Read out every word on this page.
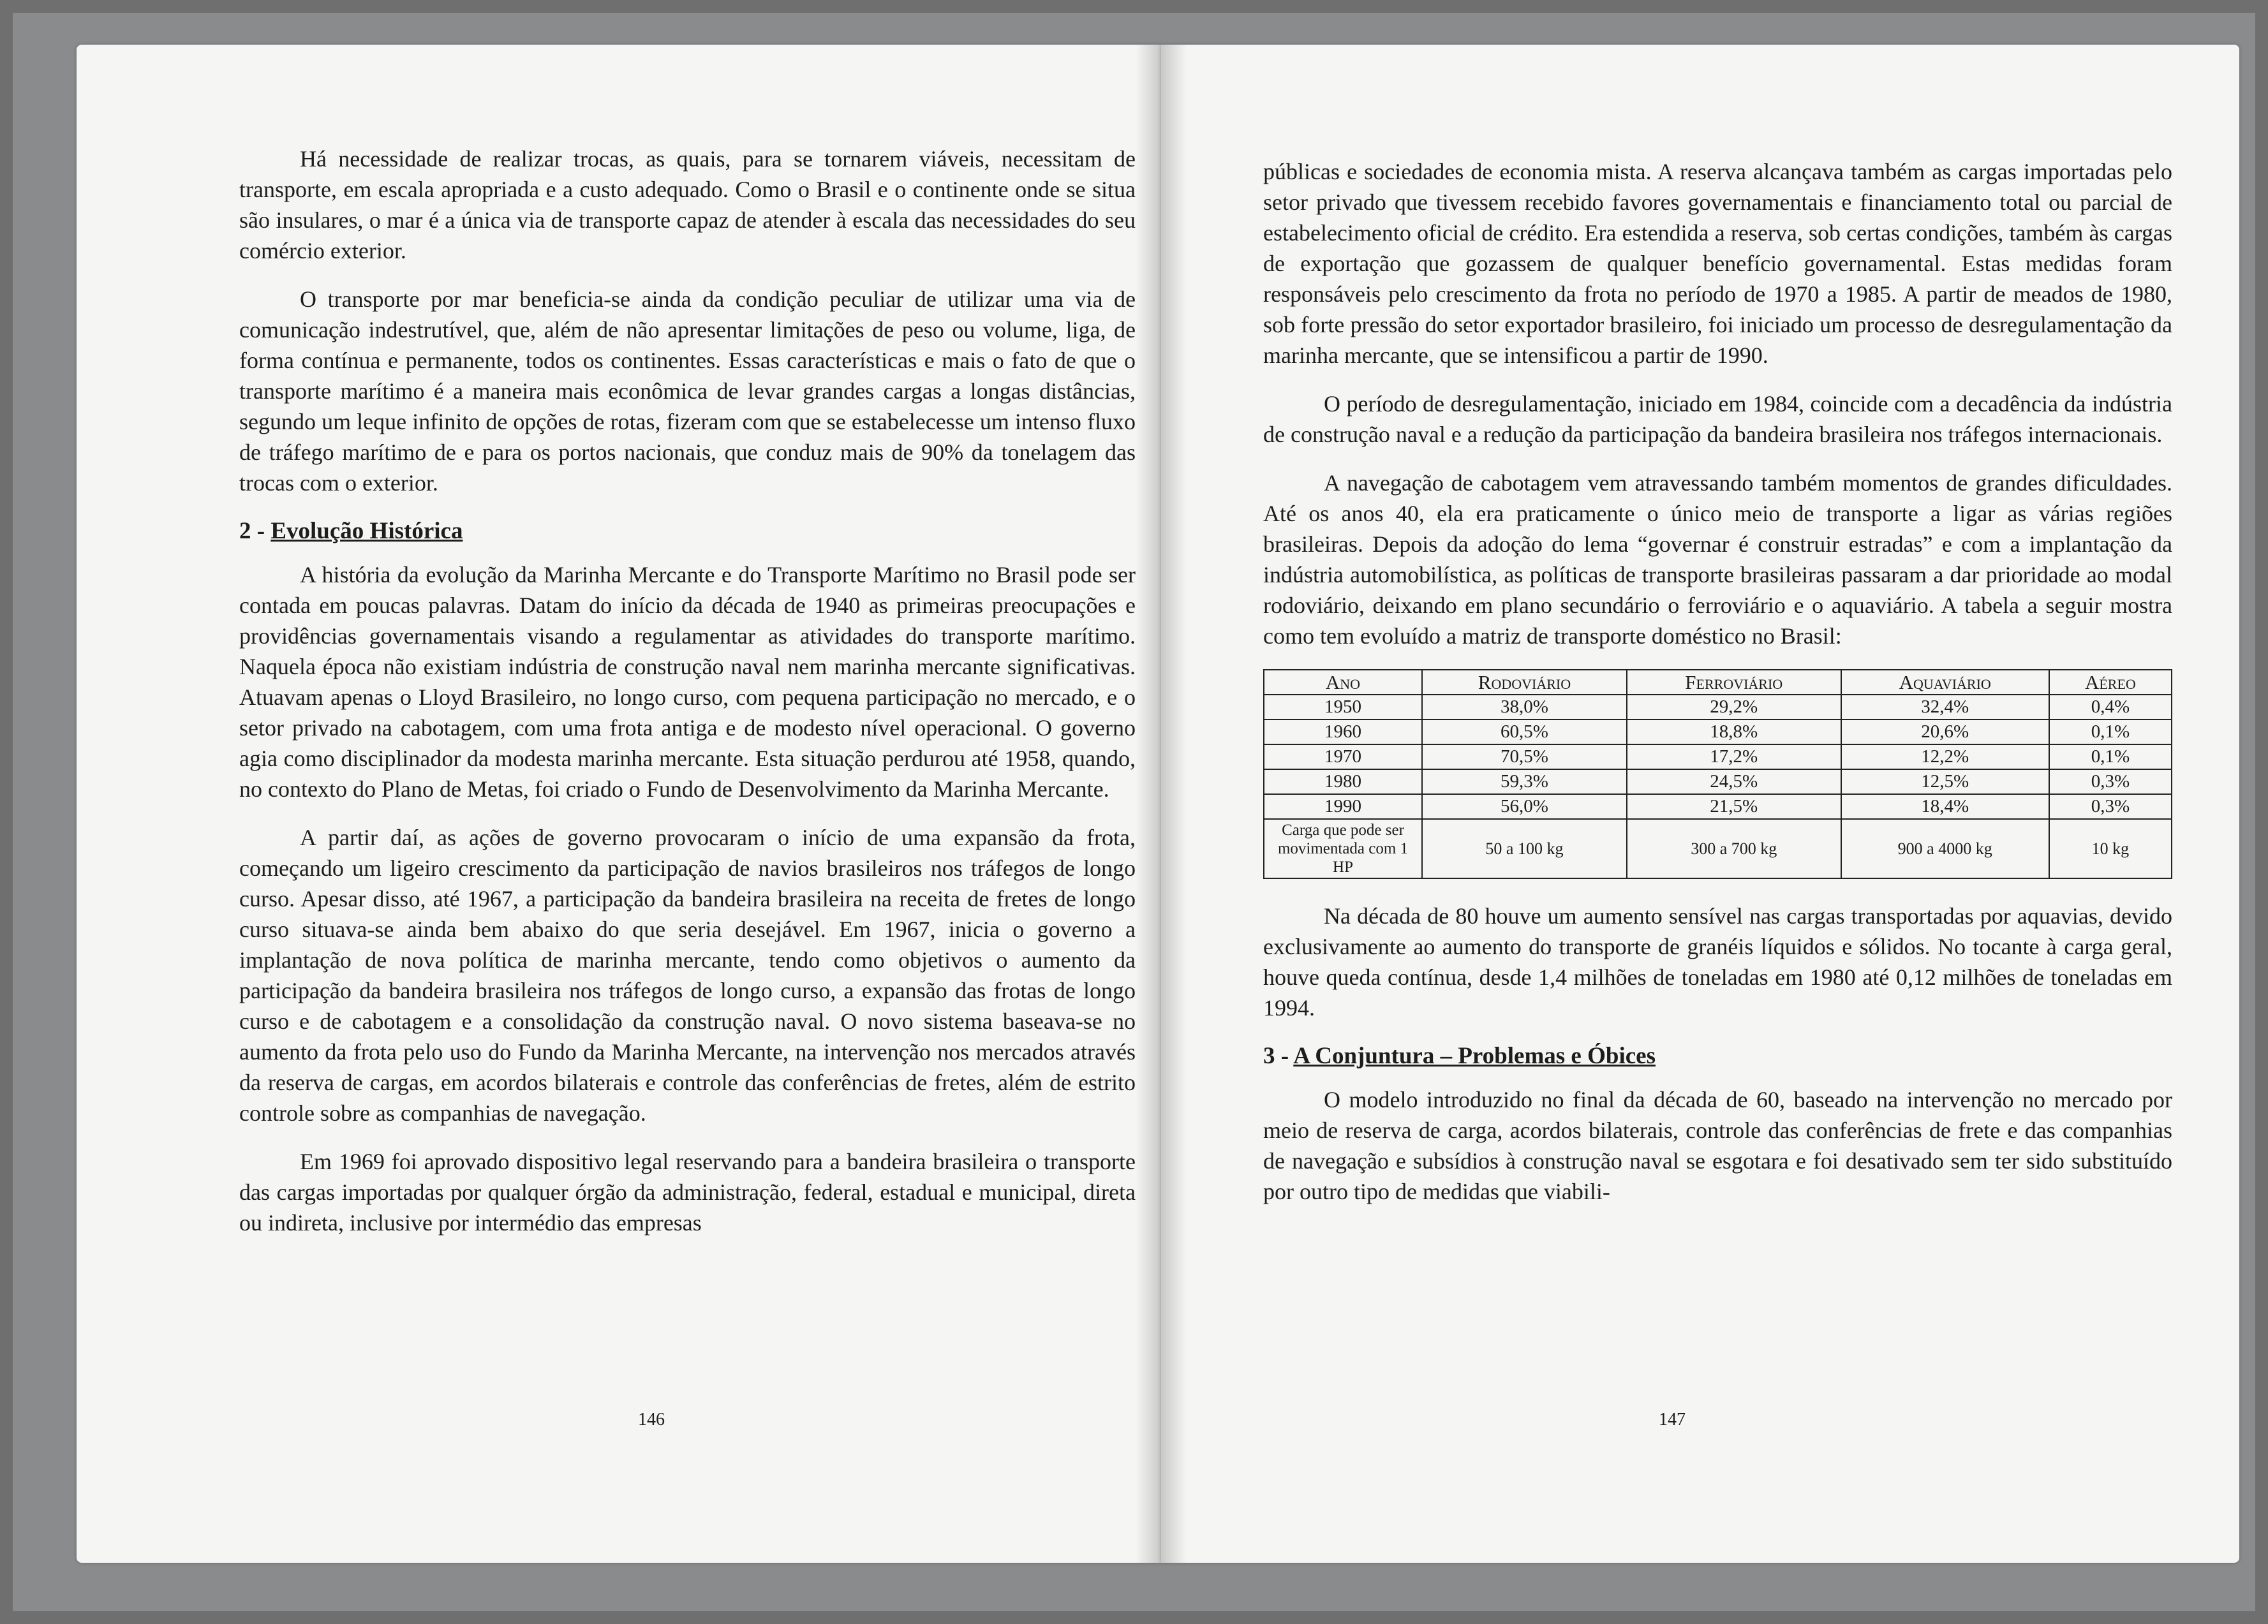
Há necessidade de realizar trocas, as quais, para se tornarem viáveis, necessitam de transporte, em escala apropriada e a custo adequado. Como o Brasil e o continente onde se situa são insulares, o mar é a única via de transporte capaz de atender à escala das necessidades do seu comércio exterior.

O transporte por mar beneficia-se ainda da condição peculiar de utilizar uma via de comunicação indestrutível, que, além de não apresentar limitações de peso ou volume, liga, de forma contínua e permanente, todos os continentes. Essas características e mais o fato de que o transporte marítimo é a maneira mais econômica de levar grandes cargas a longas distâncias, segundo um leque infinito de opções de rotas, fizeram com que se estabelecesse um intenso fluxo de tráfego marítimo de e para os portos nacionais, que conduz mais de 90% da tonelagem das trocas com o exterior.

2 - Evolução Histórica

A história da evolução da Marinha Mercante e do Transporte Marítimo no Brasil pode ser contada em poucas palavras. Datam do início da década de 1940 as primeiras preocupações e providências governamentais visando a regulamentar as atividades do transporte marítimo. Naquela época não existiam indústria de construção naval nem marinha mercante significativas. Atuavam apenas o Lloyd Brasileiro, no longo curso, com pequena participação no mercado, e o setor privado na cabotagem, com uma frota antiga e de modesto nível operacional. O governo agia como disciplinador da modesta marinha mercante. Esta situação perdurou até 1958, quando, no contexto do Plano de Metas, foi criado o Fundo de Desenvolvimento da Marinha Mercante.

A partir daí, as ações de governo provocaram o início de uma expansão da frota, começando um ligeiro crescimento da participação de navios brasileiros nos tráfegos de longo curso. Apesar disso, até 1967, a participação da bandeira brasileira na receita de fretes de longo curso situava-se ainda bem abaixo do que seria desejável. Em 1967, inicia o governo a implantação de nova política de marinha mercante, tendo como objetivos o aumento da participação da bandeira brasileira nos tráfegos de longo curso, a expansão das frotas de longo curso e de cabotagem e a consolidação da construção naval. O novo sistema baseava-se no aumento da frota pelo uso do Fundo da Marinha Mercante, na intervenção nos mercados através da reserva de cargas, em acordos bilaterais e controle das conferências de fretes, além de estrito controle sobre as companhias de navegação.

Em 1969 foi aprovado dispositivo legal reservando para a bandeira brasileira o transporte das cargas importadas por qualquer órgão da administração, federal, estadual e municipal, direta ou indireta, inclusive por intermédio das empresas

146

públicas e sociedades de economia mista. A reserva alcançava também as cargas importadas pelo setor privado que tivessem recebido favores governamentais e financiamento total ou parcial de estabelecimento oficial de crédito. Era estendida a reserva, sob certas condições, também às cargas de exportação que gozassem de qualquer benefício governamental. Estas medidas foram responsáveis pelo crescimento da frota no período de 1970 a 1985. A partir de meados de 1980, sob forte pressão do setor exportador brasileiro, foi iniciado um processo de desregulamentação da marinha mercante, que se intensificou a partir de 1990.

O período de desregulamentação, iniciado em 1984, coincide com a decadência da indústria de construção naval e a redução da participação da bandeira brasileira nos tráfegos internacionais.

A navegação de cabotagem vem atravessando também momentos de grandes dificuldades. Até os anos 40, ela era praticamente o único meio de transporte a ligar as várias regiões brasileiras. Depois da adoção do lema “governar é construir estradas” e com a implantação da indústria automobilística, as políticas de transporte brasileiras passaram a dar prioridade ao modal rodoviário, deixando em plano secundário o ferroviário e o aquaviário. A tabela a seguir mostra como tem evoluído a matriz de transporte doméstico no Brasil:

Ano	Rodoviário	Ferroviário	Aquaviário	Aéreo
1950	38,0%	29,2%	32,4%	0,4%
1960	60,5%	18,8%	20,6%	0,1%
1970	70,5%	17,2%	12,2%	0,1%
1980	59,3%	24,5%	12,5%	0,3%
1990	56,0%	21,5%	18,4%	0,3%
Carga que pode ser movimentada com 1 HP	50 a 100 kg	300 a 700 kg	900 a 4000 kg	10 kg

Na década de 80 houve um aumento sensível nas cargas transportadas por aquavias, devido exclusivamente ao aumento do transporte de granéis líquidos e sólidos. No tocante à carga geral, houve queda contínua, desde 1,4 milhões de toneladas em 1980 até 0,12 milhões de toneladas em 1994.

3 - A Conjuntura – Problemas e Óbices

O modelo introduzido no final da década de 60, baseado na intervenção no mercado por meio de reserva de carga, acordos bilaterais, controle das conferências de frete e das companhias de navegação e subsídios à construção naval se esgotara e foi desativado sem ter sido substituído por outro tipo de medidas que viabili-

147
